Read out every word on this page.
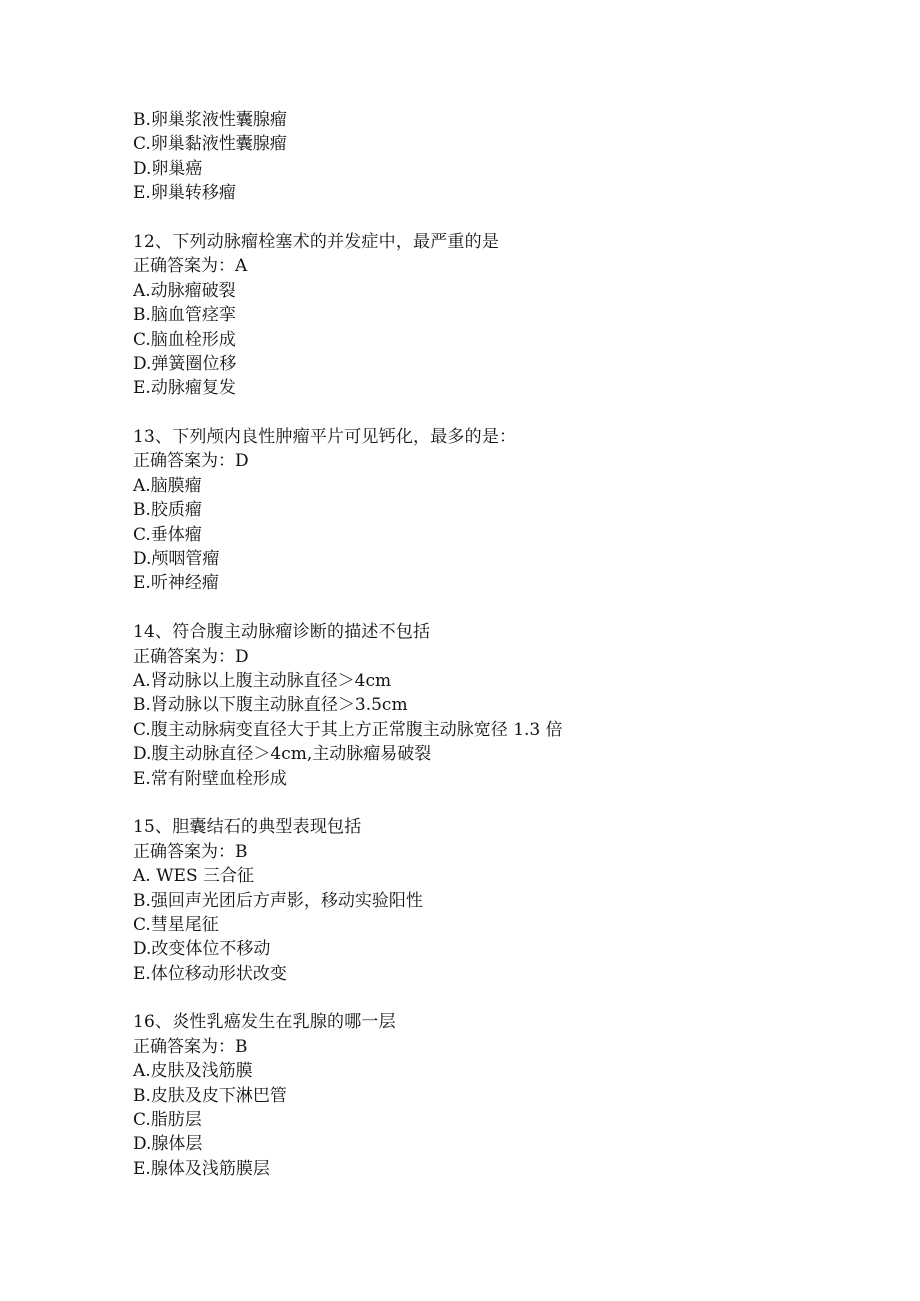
B.卵巢浆液性囊腺瘤

C.卵巢黏液性囊腺瘤

D.卵巢癌

E.卵巢转移瘤

12、下列动脉瘤栓塞术的并发症中，最严重的是

正确答案为：A

A.动脉瘤破裂

B.脑血管痉挛

C.脑血栓形成

D.弹簧圈位移

E.动脉瘤复发

13、下列颅内良性肿瘤平片可见钙化，最多的是：

正确答案为：D

A.脑膜瘤

B.胶质瘤

C.垂体瘤

D.颅咽管瘤

E.听神经瘤

14、符合腹主动脉瘤诊断的描述不包括

正确答案为：D

A.肾动脉以上腹主动脉直径＞4cm

B.肾动脉以下腹主动脉直径＞3.5cm

C.腹主动脉病变直径大于其上方正常腹主动脉宽径 1.3 倍

D.腹主动脉直径＞4cm,主动脉瘤易破裂

E.常有附壁血栓形成

15、胆囊结石的典型表现包括

正确答案为：B

A. WES 三合征

B.强回声光团后方声影，移动实验阳性

C.彗星尾征

D.改变体位不移动

E.体位移动形状改变

16、炎性乳癌发生在乳腺的哪一层

正确答案为：B

A.皮肤及浅筋膜

B.皮肤及皮下淋巴管

C.脂肪层

D.腺体层

E.腺体及浅筋膜层
